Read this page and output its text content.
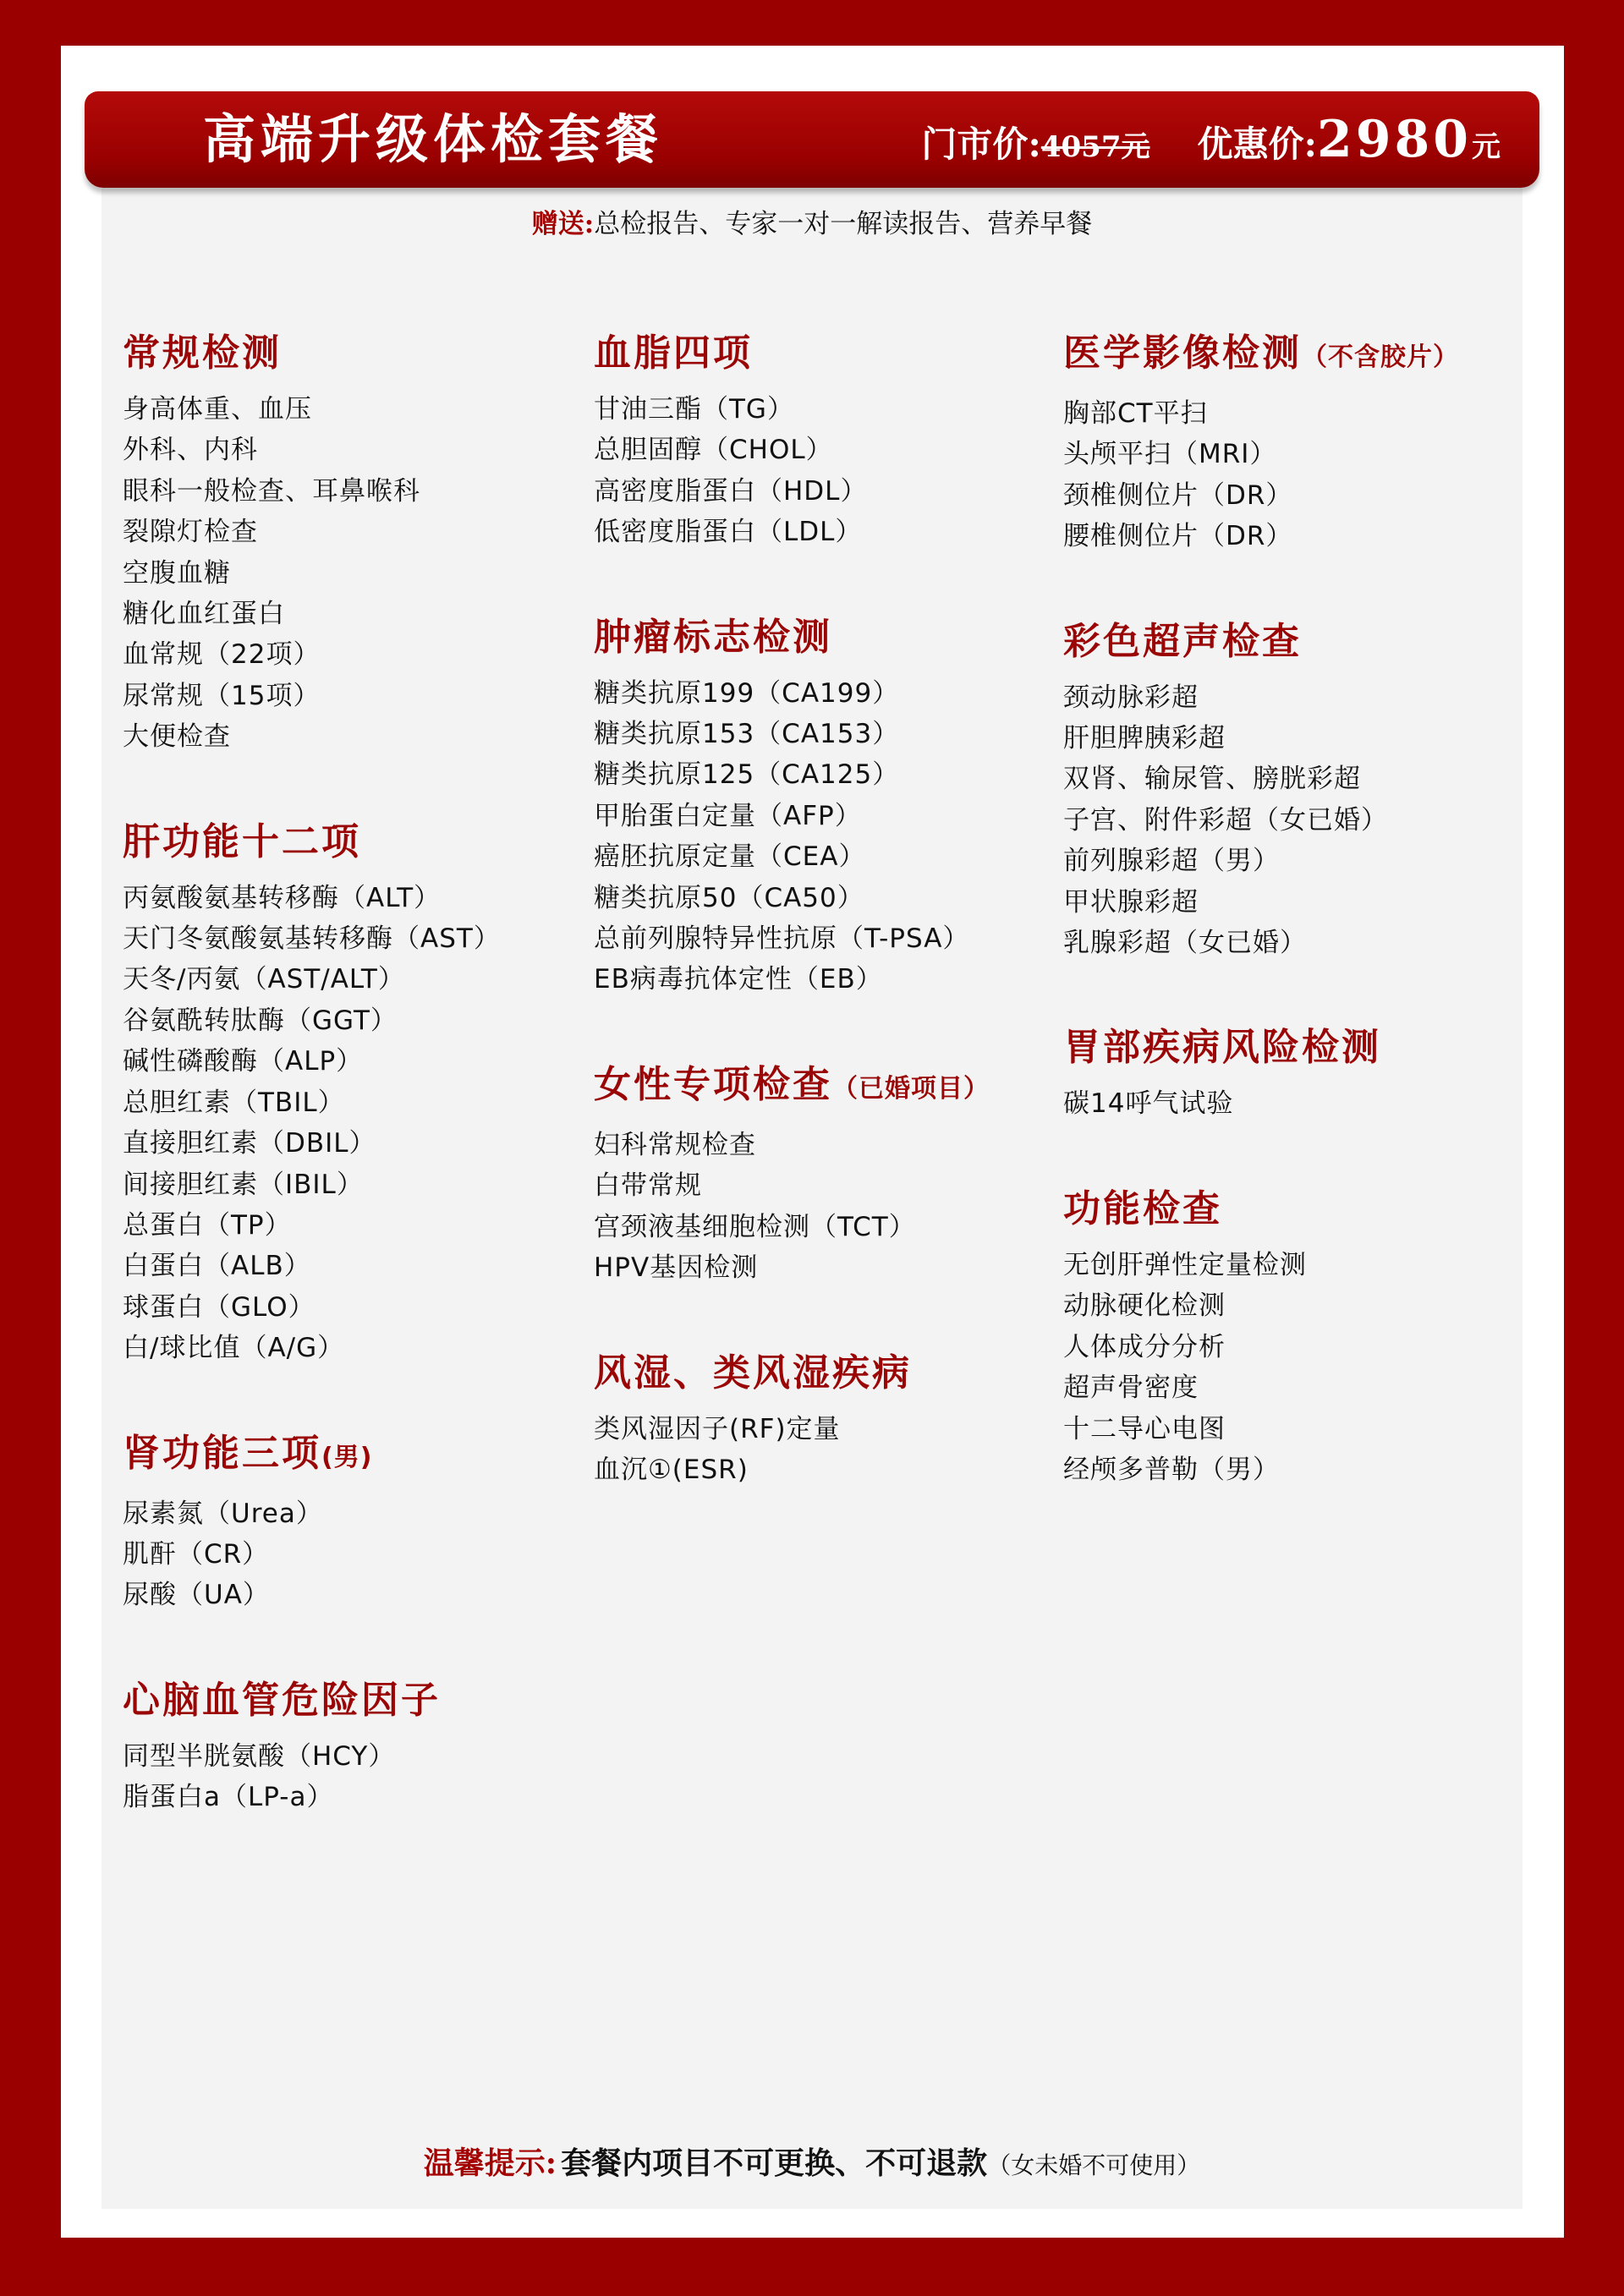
高端升级体检套餐	门市价: 4057元 优惠价: 2980 元
赠送:总检报告、专家一对一解读报告、营养早餐
常规检测
身高体重、血压
外科、内科
眼科一般检查、耳鼻喉科
裂隙灯检查
空腹血糖
糖化血红蛋白
血常规（22项）
尿常规（15项）
大便检查
肝功能十二项
丙氨酸氨基转移酶（ALT）
天门冬氨酸氨基转移酶（AST）
天冬/丙氨（AST/ALT）
谷氨酰转肽酶（GGT）
碱性磷酸酶（ALP）
总胆红素（TBIL）
直接胆红素（DBIL）
间接胆红素（IBIL）
总蛋白（TP）
白蛋白（ALB）
球蛋白（GLO）
白/球比值（A/G）
肾功能三项(男)
尿素氮（Urea）
肌酐（CR）
尿酸（UA）
心脑血管危险因子
同型半胱氨酸（HCY）
脂蛋白a（LP-a）
血脂四项
甘油三酯（TG）
总胆固醇（CHOL）
高密度脂蛋白（HDL）
低密度脂蛋白（LDL）
肿瘤标志检测
糖类抗原199（CA199）
糖类抗原153（CA153）
糖类抗原125（CA125）
甲胎蛋白定量（AFP）
癌胚抗原定量（CEA）
糖类抗原50（CA50）
总前列腺特异性抗原（T-PSA）
EB病毒抗体定性（EB）
女性专项检查（已婚项目）
妇科常规检查
白带常规
宫颈液基细胞检测（TCT）
HPV基因检测
风湿、类风湿疾病
类风湿因子(RF)定量
血沉①(ESR)
医学影像检测（不含胶片）
胸部CT平扫
头颅平扫（MRI）
颈椎侧位片（DR）
腰椎侧位片（DR）
彩色超声检查
颈动脉彩超
肝胆脾胰彩超
双肾、输尿管、膀胱彩超
子宫、附件彩超（女已婚）
前列腺彩超（男）
甲状腺彩超
乳腺彩超（女已婚）
胃部疾病风险检测
碳14呼气试验
功能检查
无创肝弹性定量检测
动脉硬化检测
人体成分分析
超声骨密度
十二导心电图
经颅多普勒（男）
温馨提示: 套餐内项目不可更换、不可退款（女未婚不可使用）
